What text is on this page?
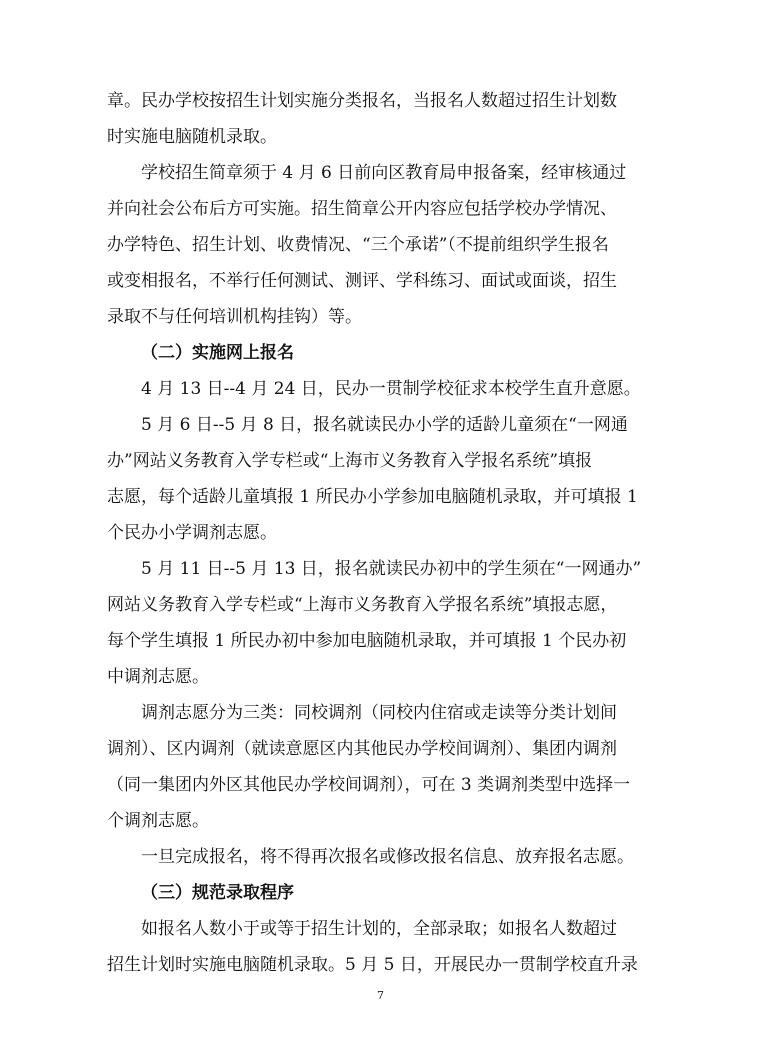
章。民办学校按招生计划实施分类报名，当报名人数超过招生计划数
时实施电脑随机录取。
学校招生简章须于 4 月 6 日前向区教育局申报备案，经审核通过
并向社会公布后方可实施。招生简章公开内容应包括学校办学情况、
办学特色、招生计划、收费情况、“三个承诺”（不提前组织学生报名
或变相报名，不举行任何测试、测评、学科练习、面试或面谈，招生
录取不与任何培训机构挂钩）等。
（二）实施网上报名
4 月 13 日--4 月 24 日，民办一贯制学校征求本校学生直升意愿。
5 月 6 日--5 月 8 日，报名就读民办小学的适龄儿童须在“一网通
办”网站义务教育入学专栏或“上海市义务教育入学报名系统”填报
志愿，每个适龄儿童填报 1 所民办小学参加电脑随机录取，并可填报 1
个民办小学调剂志愿。
5 月 11 日--5 月 13 日，报名就读民办初中的学生须在“一网通办”
网站义务教育入学专栏或“上海市义务教育入学报名系统”填报志愿，
每个学生填报 1 所民办初中参加电脑随机录取，并可填报 1 个民办初
中调剂志愿。
调剂志愿分为三类：同校调剂（同校内住宿或走读等分类计划间
调剂）、区内调剂（就读意愿区内其他民办学校间调剂）、集团内调剂
（同一集团内外区其他民办学校间调剂），可在 3 类调剂类型中选择一
个调剂志愿。
一旦完成报名，将不得再次报名或修改报名信息、放弃报名志愿。
（三）规范录取程序
如报名人数小于或等于招生计划的，全部录取；如报名人数超过
招生计划时实施电脑随机录取。5 月 5 日，开展民办一贯制学校直升录
7
